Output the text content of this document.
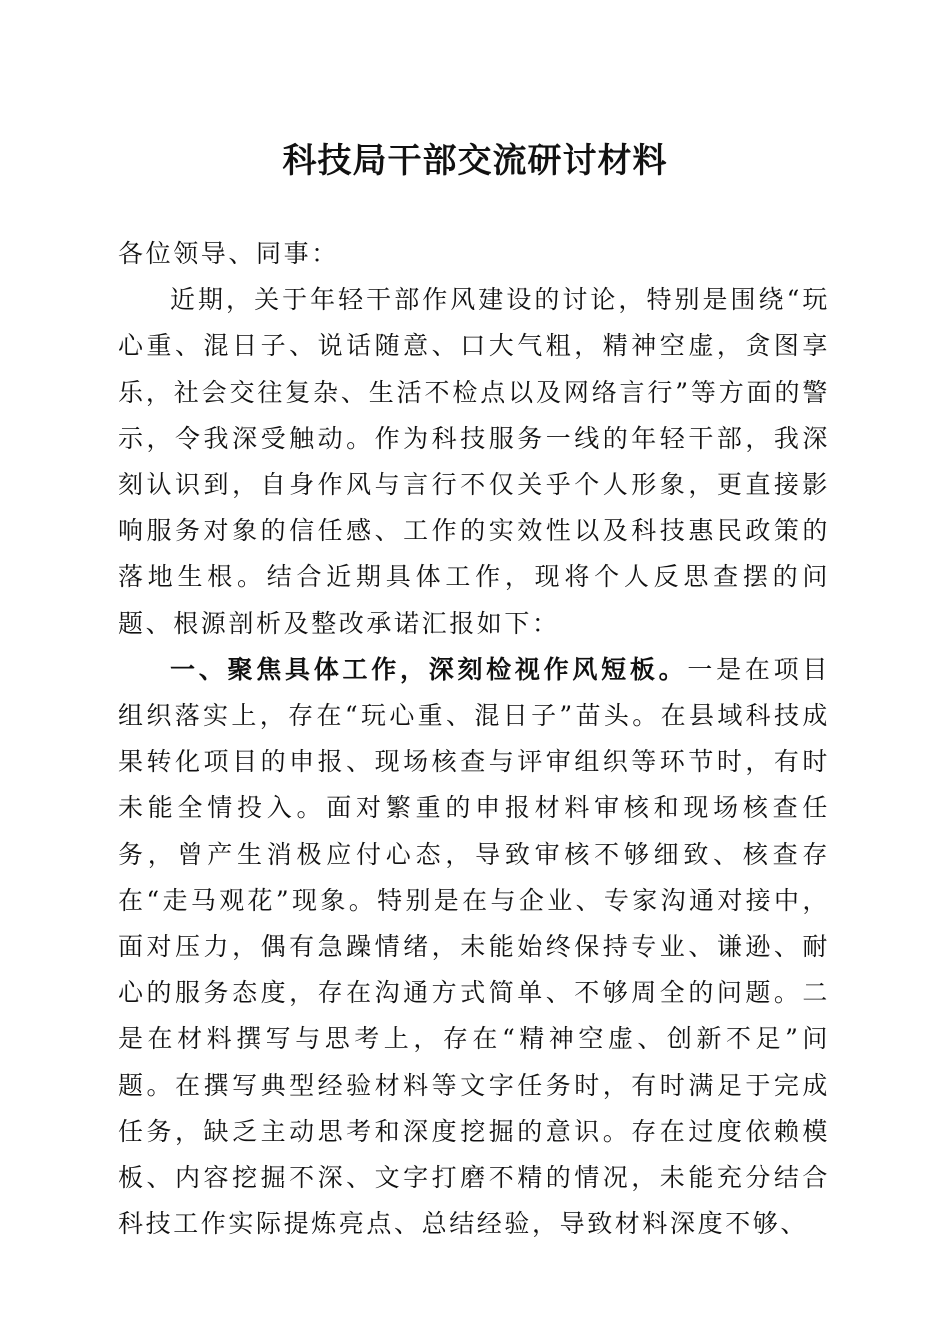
科技局干部交流研讨材料

各位领导、同事：

近期，关于年轻干部作风建设的讨论，特别是围绕“玩心重、混日子、说话随意、口大气粗，精神空虚，贪图享乐，社会交往复杂、生活不检点以及网络言行”等方面的警示，令我深受触动。作为科技服务一线的年轻干部，我深刻认识到，自身作风与言行不仅关乎个人形象，更直接影响服务对象的信任感、工作的实效性以及科技惠民政策的落地生根。结合近期具体工作，现将个人反思查摆的问题、根源剖析及整改承诺汇报如下：

一、聚焦具体工作，深刻检视作风短板。一是在项目组织落实上，存在“玩心重、混日子”苗头。在县域科技成果转化项目的申报、现场核查与评审组织等环节时，有时未能全情投入。面对繁重的申报材料审核和现场核查任务，曾产生消极应付心态，导致审核不够细致、核查存在“走马观花”现象。特别是在与企业、专家沟通对接中，面对压力，偶有急躁情绪，未能始终保持专业、谦逊、耐心的服务态度，存在沟通方式简单、不够周全的问题。二是在材料撰写与思考上，存在“精神空虚、创新不足”问题。在撰写典型经验材料等文字任务时，有时满足于完成任务，缺乏主动思考和深度挖掘的意识。存在过度依赖模板、内容挖掘不深、文字打磨不精的情况，未能充分结合科技工作实际提炼亮点、总结经验，导致材料深度不够、
